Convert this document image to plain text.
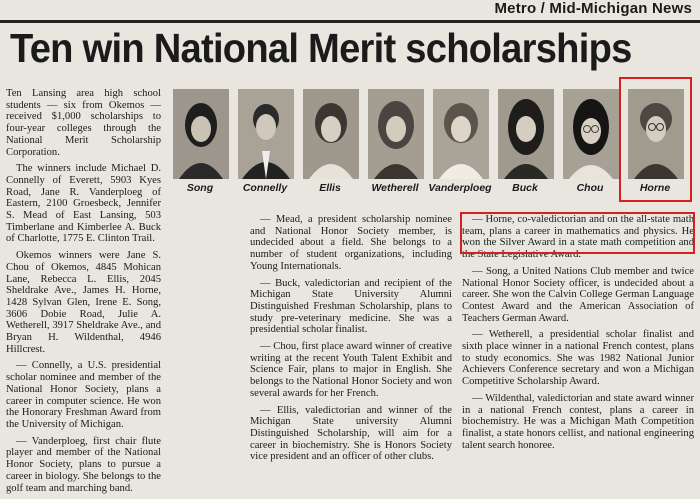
Metro / Mid-Michigan News
Ten win National Merit scholarships

Ten Lansing area high school students — six from Okemos — received $1,000 scholarships to four-year colleges through the National Merit Scholarship Corporation.

The winners include Michael D. Connelly of Everett, 5903 Kyes Road, Jane R. Vanderploeg of Eastern, 2100 Groesbeck, Jennifer S. Mead of East Lansing, 503 Timberlane and Kimberlee A. Buck of Charlotte, 1775 E. Clinton Trail.

Okemos winners were Jane S. Chou of Okemos, 4845 Mohican Lane, Rebecca L. Ellis, 2045 Sheldrake Ave., James H. Horne, 1428 Sylvan Glen, Irene E. Song, 3606 Dobie Road, Julie A. Wetherell, 3917 Sheldrake Ave., and Bryan H. Wildenthal, 4946 Hillcrest.

— Connelly, a U.S. presidential scholar nominee and member of the National Honor Society, plans a career in computer science. He won the Honorary Freshman Award from the University of Michigan.

— Vanderploeg, first chair flute player and member of the National Honor Society, plans to pursue a career in biology. She belongs to the golf team and marching band.

Song	Connelly	Ellis	Wetherell Vanderploeg	Buck	Chou	Horne

— Mead, a president scholarship nominee and National Honor Society member, is undecided about a field. She belongs to a number of student organizations, including Young Internationals.

— Buck, valedictorian and recipient of the Michigan State University Alumni Distinguished Freshman Scholarship, plans to study pre-veterinary medicine. She was a presidential scholar finalist.

— Chou, first place award winner of creative writing at the recent Youth Talent Exhibit and Science Fair, plans to major in English. She belongs to the National Honor Society and won several awards for her French.

— Ellis, valedictorian and winner of the Michigan State university Alumni Distinguished Scholarship, will aim for a career in biochemistry. She is Honors Society vice president and an officer of other clubs.

— Horne, co-valedictorian and on the all-state math team, plans a career in mathematics and physics. He won the Silver Award in a state math competition and the State Legislative Award.

— Song, a United Nations Club member and twice National Honor Society officer, is undecided about a career. She won the Calvin College German Language Contest Award and the American Association of Teachers German Award.

— Wetherell, a presidential scholar finalist and sixth place winner in a national French contest, plans to study economics. She was 1982 National Junior Achievers Conference secretary and won a Michigan Competitive Scholarship Award.

— Wildenthal, valedictorian and state award winner in a national French contest, plans a career in biochemistry. He was a Michigan Math Competition finalist, a state honors cellist, and national engineering talent search honoree.
